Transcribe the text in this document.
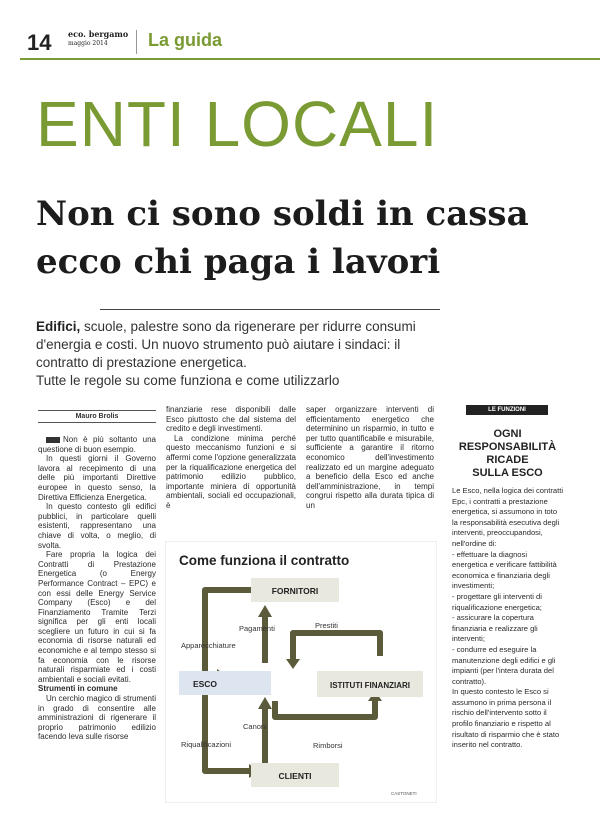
14 eco. bergamo
maggio 2014	La guida
ENTI LOCALI
Non ci sono soldi in cassa
ecco chi paga i lavori
Edifici, scuole, palestre sono da rigenerare per ridurre consumi d'energia e costi. Un nuovo strumento può aiutare i sindaci: il contratto di prestazione energetica.
Tutte le regole su come funziona e come utilizzarlo
Mauro Brolis

Non è più soltanto una questione di buon esempio.

In questi giorni il Governo lavora al recepimento di una delle più importanti Direttive europee in questo senso, la Direttiva Efficienza Energetica.

In questo contesto gli edifici pubblici, in particolare quelli esistenti, rappresentano una chiave di volta, o meglio, di svolta.

Fare propria la logica dei Contratti di Prestazione Energetica (o Energy Performance Contract – EPC) e con essi delle Energy Service Company (Esco) e del Finanziamento Tramite Terzi significa per gli enti locali scegliere un futuro in cui si fa economia di risorse naturali ed economiche e al tempo stesso si fa economia con le risorse naturali risparmiate ed i costi ambientali e sociali evitati.

Strumenti in comune

Un cerchio magico di strumenti in grado di consentire alle amministrazioni di rigenerare il proprio patrimonio edilizio facendo leva sulle risorse

finanziarie rese disponibili dalle Esco piuttosto che dal sistema del credito e degli investimenti.

La condizione minima perché questo meccanismo funzioni e si affermi come l'opzione generalizzata per la riqualificazione energetica del patrimonio edilizio pubblico, importante miniera di opportunità ambientali, sociali ed occupazionali, è

saper organizzare interventi di efficientamento energetico che determinino un risparmio, in tutto e per tutto quantificabile e misurabile, sufficiente a garantire il ritorno economico dell'investimento realizzato ed un margine adeguato a beneficio della Esco ed anche dell'amministrazione, in tempi congrui rispetto alla durata tipica di un

LE FUNZIONI
OGNI
RESPONSABILITÀ
RICADE
SULLA ESCO

Le Esco, nella logica dei contratti Epc, i contratti a prestazione energetica, si assumono in toto la responsabilità esecutiva degli interventi, preoccupandosi, nell'ordine di:

- effettuare la diagnosi energetica e verificare fattibilità economica e finanziaria degli investimenti;

- progettare gli interventi di riqualificazione energetica;

- assicurare la copertura finanziaria e realizzare gli interventi;

- condurre ed eseguire la manutenzione degli edifici e gli impianti (per l'intera durata del contratto).

In questo contesto le Esco si assumono in prima persona il rischio dell'intervento sotto il profilo finanziario e rispetto al risultato di risparmio che è stato inserito nel contratto.

Come funziona il contratto
FORNITORI
ESCO	ISTITUTI FINANZIARI
CLIENTI
Apparecchiature
Pagamenti	Prestiti
Canoni
Riqualificazioni	Rimborsi
CASTONETI
